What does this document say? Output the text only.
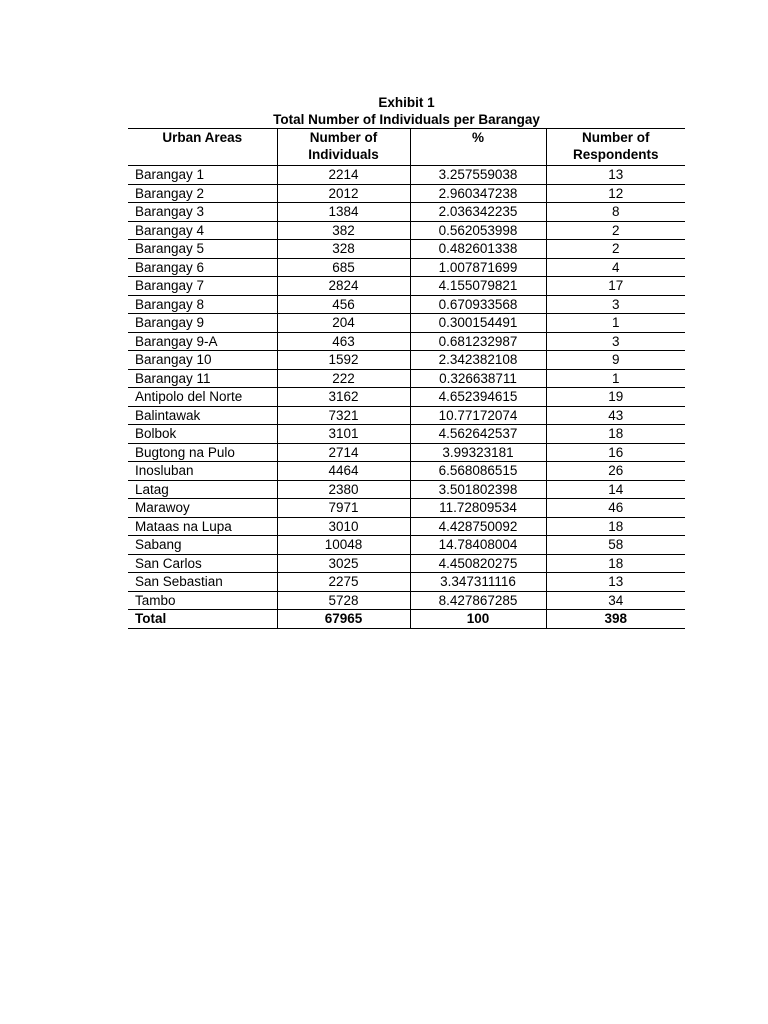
Exhibit 1
Total Number of Individuals per Barangay
Urban Areas	Number of Individuals	%	Number of Respondents
Barangay 1	2214	3.257559038	13
Barangay 2	2012	2.960347238	12
Barangay 3	1384	2.036342235	8
Barangay 4	382	0.562053998	2
Barangay 5	328	0.482601338	2
Barangay 6	685	1.007871699	4
Barangay 7	2824	4.155079821	17
Barangay 8	456	0.670933568	3
Barangay 9	204	0.300154491	1
Barangay 9-A	463	0.681232987	3
Barangay 10	1592	2.342382108	9
Barangay 11	222	0.326638711	1
Antipolo del Norte	3162	4.652394615	19
Balintawak	7321	10.77172074	43
Bolbok	3101	4.562642537	18
Bugtong na Pulo	2714	3.99323181	16
Inosluban	4464	6.568086515	26
Latag	2380	3.501802398	14
Marawoy	7971	11.72809534	46
Mataas na Lupa	3010	4.428750092	18
Sabang	10048	14.78408004	58
San Carlos	3025	4.450820275	18
San Sebastian	2275	3.347311116	13
Tambo	5728	8.427867285	34
Total	67965	100	398
